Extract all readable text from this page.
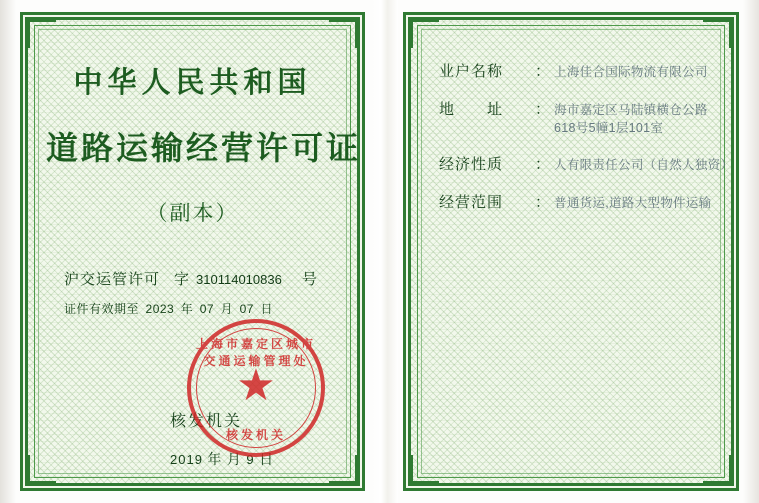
中华人民共和国
道路运输经营许可证
（副本）
沪交运管许可 字 310114010836 号
证件有效期至 2023 年 07 月 07 日
上海市嘉定区城市交通运输管理处
★
核发机关
核发机关
2019 年 月 9 日
业户名称	： 上海佳合国际物流有限公司
地　　址	： 海市嘉定区马陆镇横仓公路
618号5幢1层101室
经济性质	： 人有限责任公司（自然人独资）
经营范围	： 普通货运,道路大型物件运输
